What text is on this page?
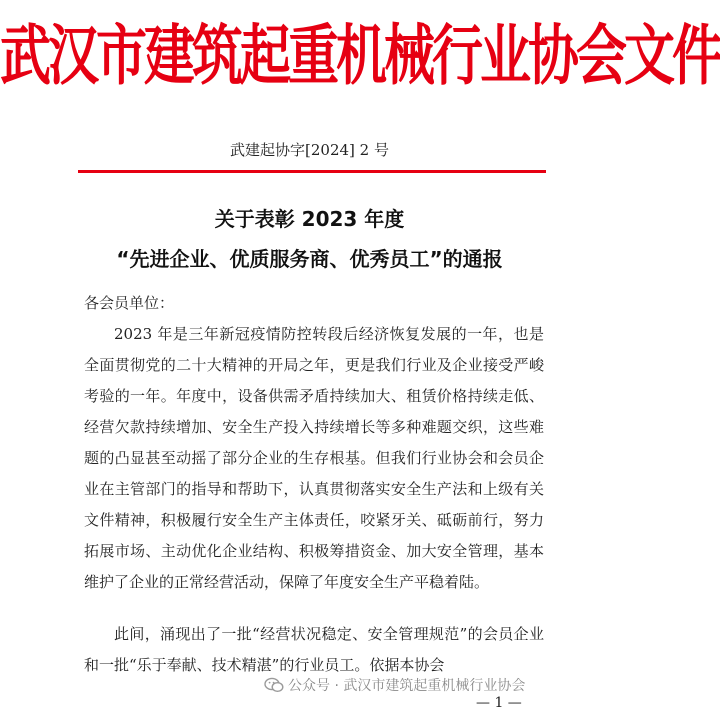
武汉市建筑起重机械行业协会文件
武建起协字[2024] 2 号
关于表彰 2023 年度
“先进企业、优质服务商、优秀员工”的通报
各会员单位：

2023 年是三年新冠疫情防控转段后经济恢复发展的一年，也是全面贯彻党的二十大精神的开局之年，更是我们行业及企业接受严峻考验的一年。年度中，设备供需矛盾持续加大、租赁价格持续走低、经营欠款持续增加、安全生产投入持续增长等多种难题交织，这些难题的凸显甚至动摇了部分企业的生存根基。但我们行业协会和会员企业在主管部门的指导和帮助下，认真贯彻落实安全生产法和上级有关文件精神，积极履行安全生产主体责任，咬紧牙关、砥砺前行，努力拓展市场、主动优化企业结构、积极筹措资金、加大安全管理，基本维护了企业的正常经营活动，保障了年度安全生产平稳着陆。

此间，涌现出了一批“经营状况稳定、安全管理规范”的会员企业和一批“乐于奉献、技术精湛”的行业员工。依据本协会

公众号 · 武汉市建筑起重机械行业协会
— 1 —
